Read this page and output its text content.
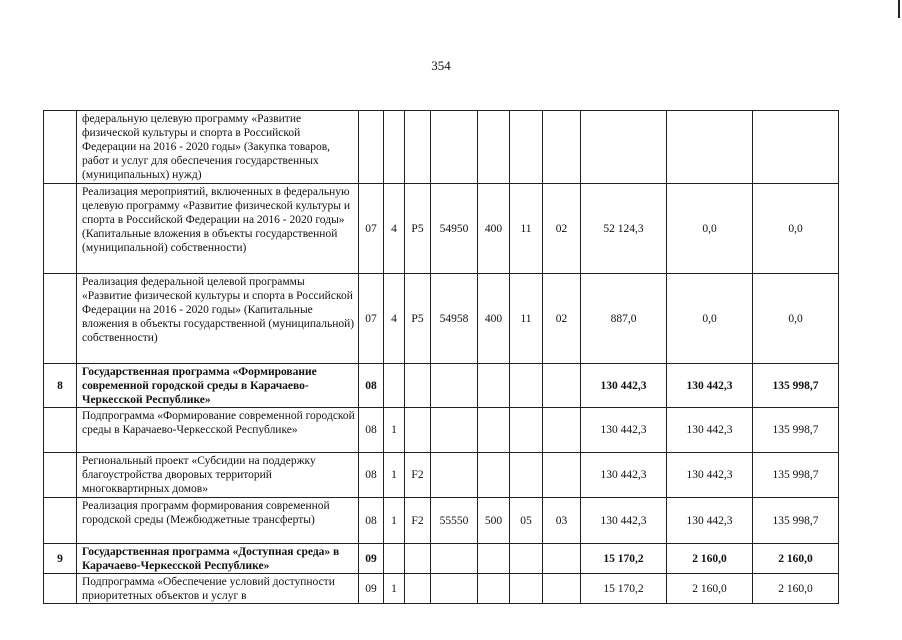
354
	федеральную целевую программу «Развитие физической культуры и спорта в Российской Федерации на 2016 - 2020 годы» (Закупка товаров, работ и услуг для обеспечения государственных (муниципальных) нужд)										
	Реализация мероприятий, включенных в федеральную целевую программу «Развитие физической культуры и спорта в Российской Федерации на 2016 - 2020 годы» (Капитальные вложения в объекты государственной (муниципальной) собственности)	07	4	P5	54950	400	11	02	52 124,3	0,0	0,0
	Реализация федеральной целевой программы «Развитие физической культуры и спорта в Российской Федерации на 2016 - 2020 годы» (Капитальные вложения в объекты государственной (муниципальной) собственности)	07	4	P5	54958	400	11	02	887,0	0,0	0,0
8	Государственная программа «Формирование современной городской среды в Карачаево-Черкесской Республике»	08							130 442,3	130 442,3	135 998,7
	Подпрограмма «Формирование современной городской среды в Карачаево-Черкесской Республике»	08	1						130 442,3	130 442,3	135 998,7
	Региональный проект «Субсидии на поддержку благоустройства дворовых территорий многоквартирных домов»	08	1	F2					130 442,3	130 442,3	135 998,7
	Реализация программ формирования современной городской среды (Межбюджетные трансферты)	08	1	F2	55550	500	05	03	130 442,3	130 442,3	135 998,7
9	Государственная программа «Доступная среда» в Карачаево-Черкесской Республике»	09							15 170,2	2 160,0	2 160,0
	Подпрограмма «Обеспечение условий доступности приоритетных объектов и услуг в	09	1						15 170,2	2 160,0	2 160,0
